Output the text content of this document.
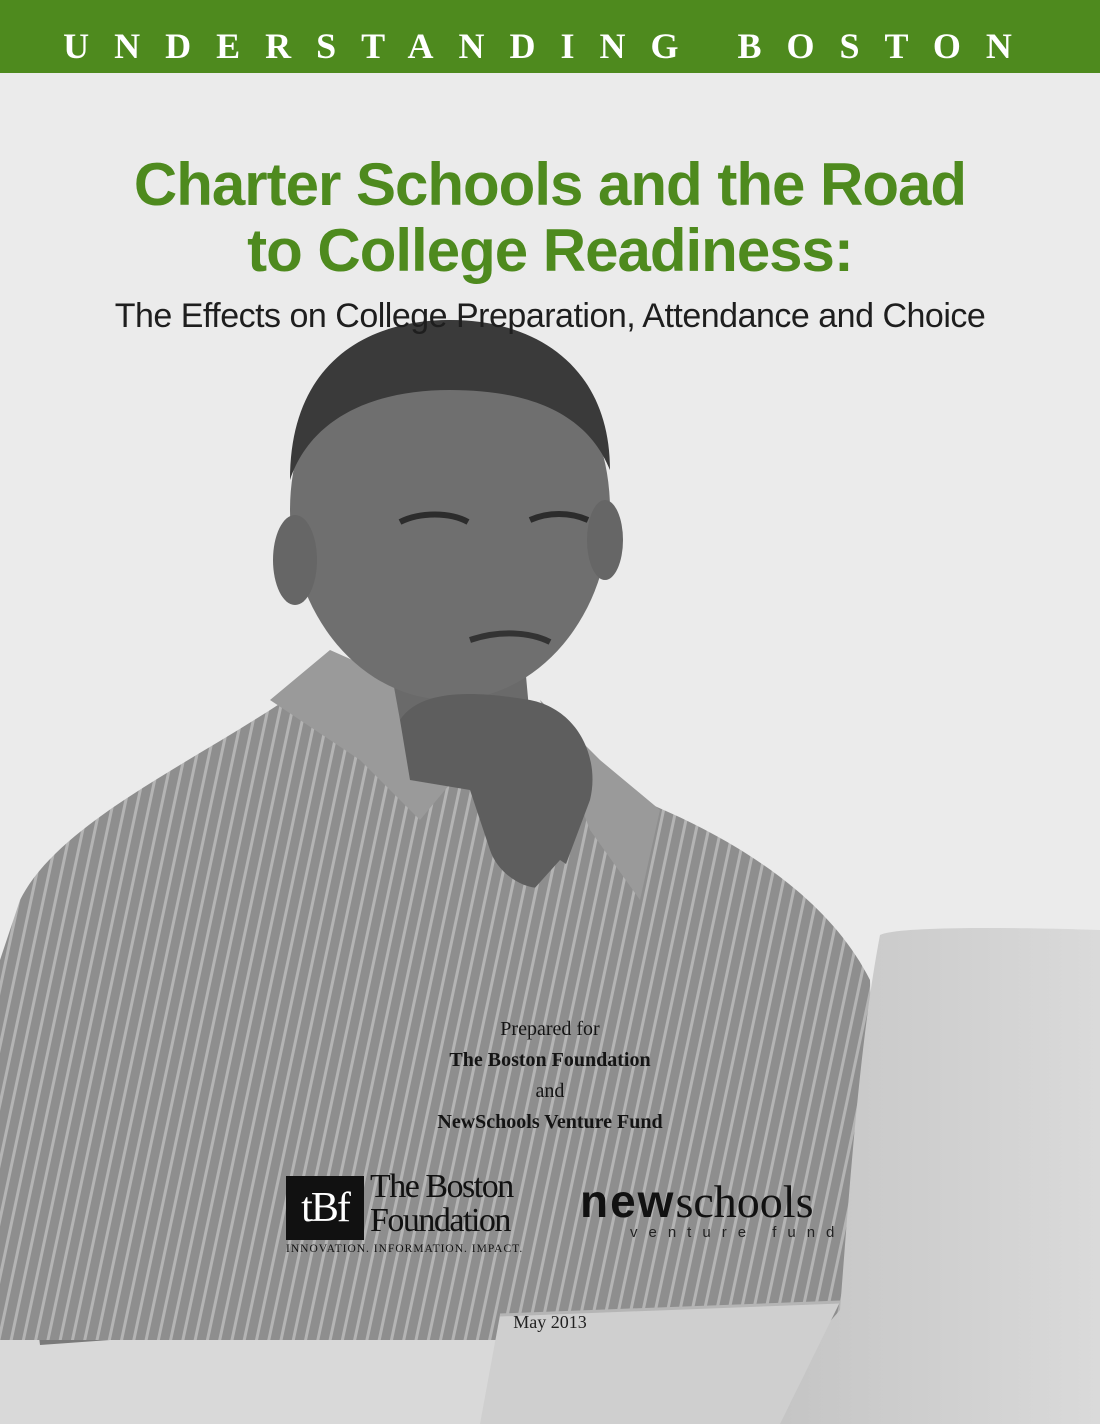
UNDERSTANDING BOSTON
Charter Schools and the Road
to College Readiness:
The Effects on College Preparation, Attendance and Choice
Prepared for
The Boston Foundation
and
NewSchools Venture Fund
tBf The Boston
Foundation
INNOVATION. INFORMATION. IMPACT.
newschools
venture fund
May 2013
